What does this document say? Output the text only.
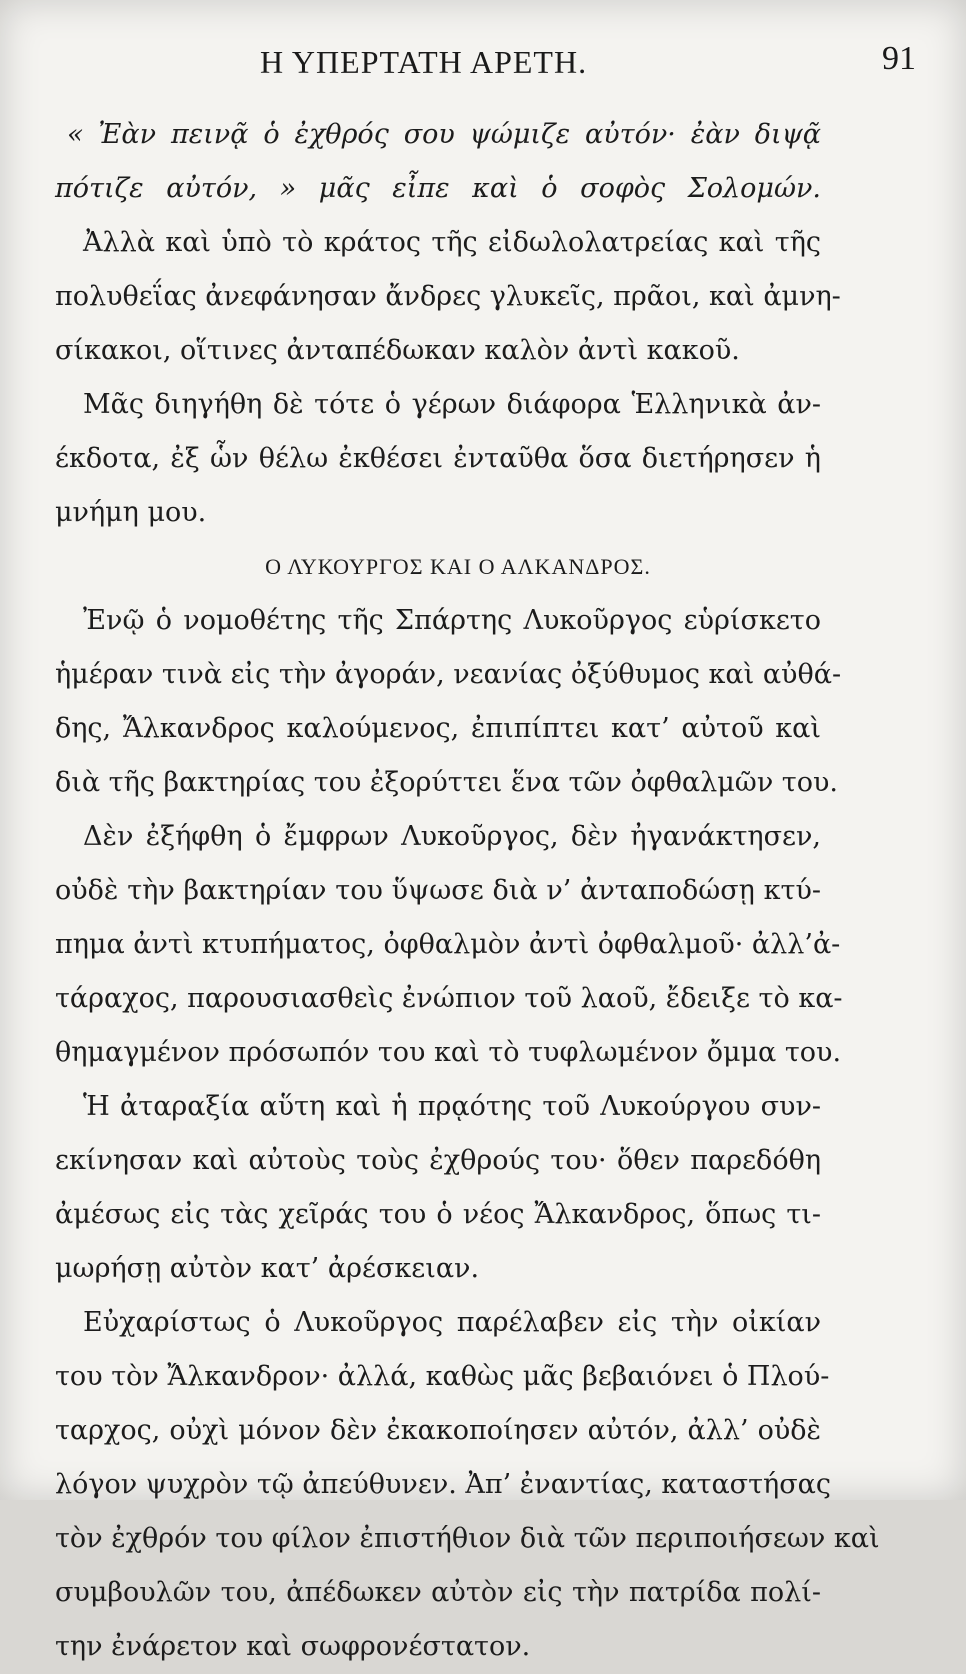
Η ΥΠΕΡΤΑΤΗ ΑΡΕΤΗ.	91
« Ἐὰν πεινᾷ ὁ ἐχθρός σου ψώμιζε αὐτόν· ἐὰν διψᾷ
πότιζε αὐτόν, » μᾶς εἶπε καὶ ὁ σοφὸς Σολομών.
Ἀλλὰ καὶ ὑπὸ τὸ κράτος τῆς εἰδωλολατρείας καὶ τῆς
πολυθεΐας ἀνεφάνησαν ἄνδρες γλυκεῖς, πρᾶοι, καὶ ἀμνη-
σίκακοι, οἵτινες ἀνταπέδωκαν καλὸν ἀντὶ κακοῦ.
Μᾶς διηγήθη δὲ τότε ὁ γέρων διάφορα Ἑλληνικὰ ἀν-
έκδοτα, ἐξ ὧν θέλω ἐκθέσει ἐνταῦθα ὅσα διετήρησεν ἡ
μνήμη μου.
Ο ΛΥΚΟΥΡΓΟΣ ΚΑΙ Ο ΑΛΚΑΝΔΡΟΣ.
Ἐνῷ ὁ νομοθέτης τῆς Σπάρτης Λυκοῦργος εὑρίσκετο
ἡμέραν τινὰ εἰς τὴν ἀγοράν, νεανίας ὀξύθυμος καὶ αὐθά-
δης, Ἄλκανδρος καλούμενος, ἐπιπίπτει κατ’ αὐτοῦ καὶ
διὰ τῆς βακτηρίας του ἐξορύττει ἕνα τῶν ὀφθαλμῶν του.
Δὲν ἐξήφθη ὁ ἔμφρων Λυκοῦργος, δὲν ἠγανάκτησεν,
οὐδὲ τὴν βακτηρίαν του ὕψωσε διὰ ν’ ἀνταποδώσῃ κτύ-
πημα ἀντὶ κτυπήματος, ὀφθαλμὸν ἀντὶ ὀφθαλμοῦ· ἀλλ’ἀ-
τάραχος, παρουσιασθεὶς ἐνώπιον τοῦ λαοῦ, ἔδειξε τὸ κα-
θημαγμένον πρόσωπόν του καὶ τὸ τυφλωμένον ὄμμα του.
Ἡ ἀταραξία αὕτη καὶ ἡ πρᾳότης τοῦ Λυκούργου συν-
εκίνησαν καὶ αὐτοὺς τοὺς ἐχθρούς του· ὅθεν παρεδόθη
ἀμέσως εἰς τὰς χεῖράς του ὁ νέος Ἄλκανδρος, ὅπως τι-
μωρήσῃ αὐτὸν κατ’ ἀρέσκειαν.
Εὐχαρίστως ὁ Λυκοῦργος παρέλαβεν εἰς τὴν οἰκίαν
του τὸν Ἄλκανδρον· ἀλλά, καθὼς μᾶς βεβαιόνει ὁ Πλού-
ταρχος, οὐχὶ μόνον δὲν ἐκακοποίησεν αὐτόν, ἀλλ’ οὐδὲ
λόγον ψυχρὸν τῷ ἀπεύθυνεν. Ἀπ’ ἐναντίας, καταστήσας
τὸν ἐχθρόν του φίλον ἐπιστήθιον διὰ τῶν περιποιήσεων καὶ
συμβουλῶν του, ἀπέδωκεν αὐτὸν εἰς τὴν πατρίδα πολί-
την ἐνάρετον καὶ σωφρονέστατον.
